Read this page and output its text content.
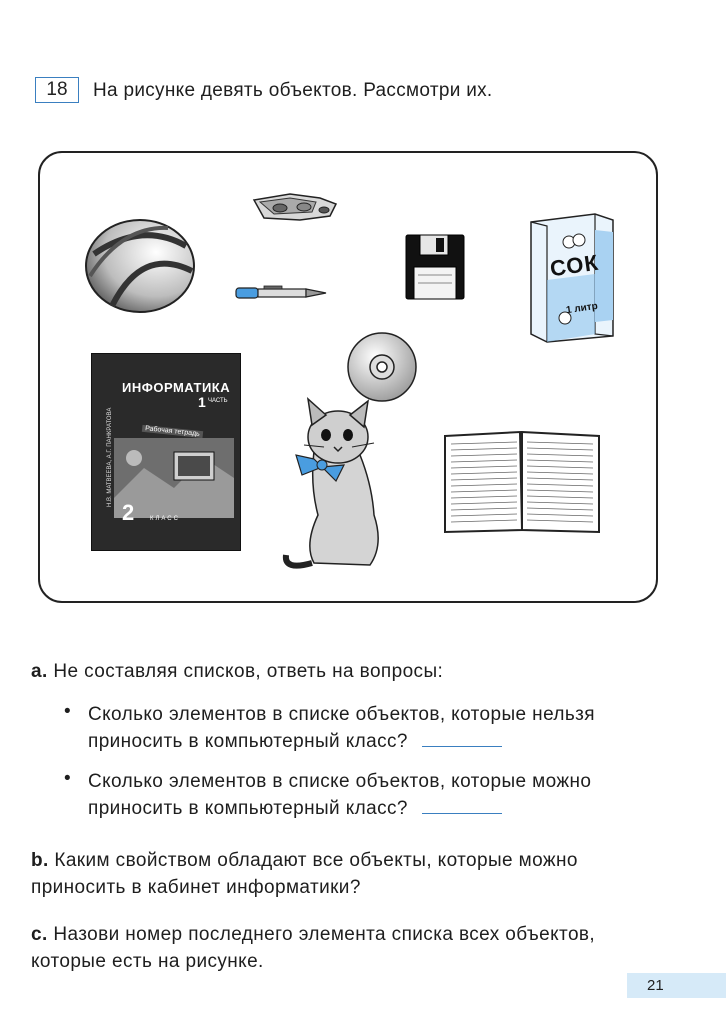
18	На рисунке девять объектов. Рассмотри их.
СОК
1 литр
ИНФОРМАТИКА
1 ЧАСТЬ
Н.В. МАТВЕЕВА, А.Г. ПАНКРАТОВА	Рабочая тетрадь
2	КЛАСС
a. Не составляя списков, ответь на вопросы:
• Сколько элементов в списке объектов, которые нельзя
приносить в компьютерный класс?
• Сколько элементов в списке объектов, которые можно
приносить в компьютерный класс?
b. Каким свойством обладают все объекты, которые можно
приносить в кабинет информатики?
c. Назови номер последнего элемента списка всех объектов,
которые есть на рисунке.
21
